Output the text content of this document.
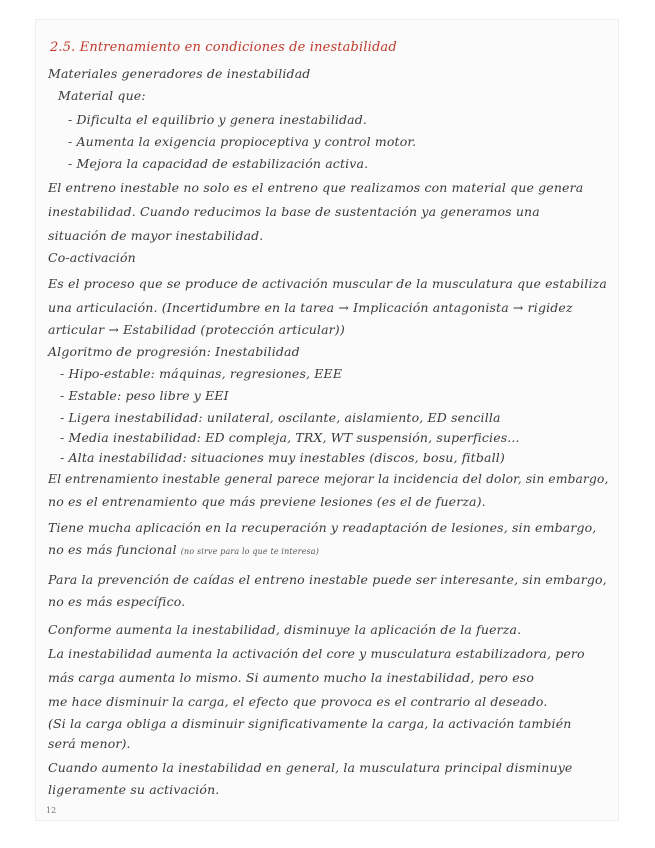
2.5. Entrenamiento en condiciones de inestabilidad
Materiales generadores de inestabilidad
Material que:
- Dificulta el equilibrio y genera inestabilidad.
- Aumenta la exigencia propioceptiva y control motor.
- Mejora la capacidad de estabilización activa.
El entreno inestable no solo es el entreno que realizamos con material que genera
inestabilidad. Cuando reducimos la base de sustentación ya generamos una
situación de mayor inestabilidad.
Co-activación
Es el proceso que se produce de activación muscular de la musculatura que estabiliza
una articulación. (Incertidumbre en la tarea → Implicación antagonista → rigidez
articular → Estabilidad (protección articular))
Algoritmo de progresión: Inestabilidad
- Hipo-estable: máquinas, regresiones, EEE
- Estable: peso libre y EEI
- Ligera inestabilidad: unilateral, oscilante, aislamiento, ED sencilla
- Media inestabilidad: ED compleja, TRX, WT suspensión, superficies...
- Alta inestabilidad: situaciones muy inestables (discos, bosu, fitball)
El entrenamiento inestable general parece mejorar la incidencia del dolor, sin embargo,
no es el entrenamiento que más previene lesiones (es el de fuerza).
Tiene mucha aplicación en la recuperación y readaptación de lesiones, sin embargo,
no es más funcional (no sirve para lo que te interesa)
Para la prevención de caídas el entreno inestable puede ser interesante, sin embargo,
no es más específico.
Conforme aumenta la inestabilidad, disminuye la aplicación de la fuerza.
La inestabilidad aumenta la activación del core y musculatura estabilizadora, pero
más carga aumenta lo mismo. Si aumento mucho la inestabilidad, pero eso
me hace disminuir la carga, el efecto que provoca es el contrario al deseado.
(Si la carga obliga a disminuir significativamente la carga, la activación también
será menor).
Cuando aumento la inestabilidad en general, la musculatura principal disminuye
ligeramente su activación.
12
